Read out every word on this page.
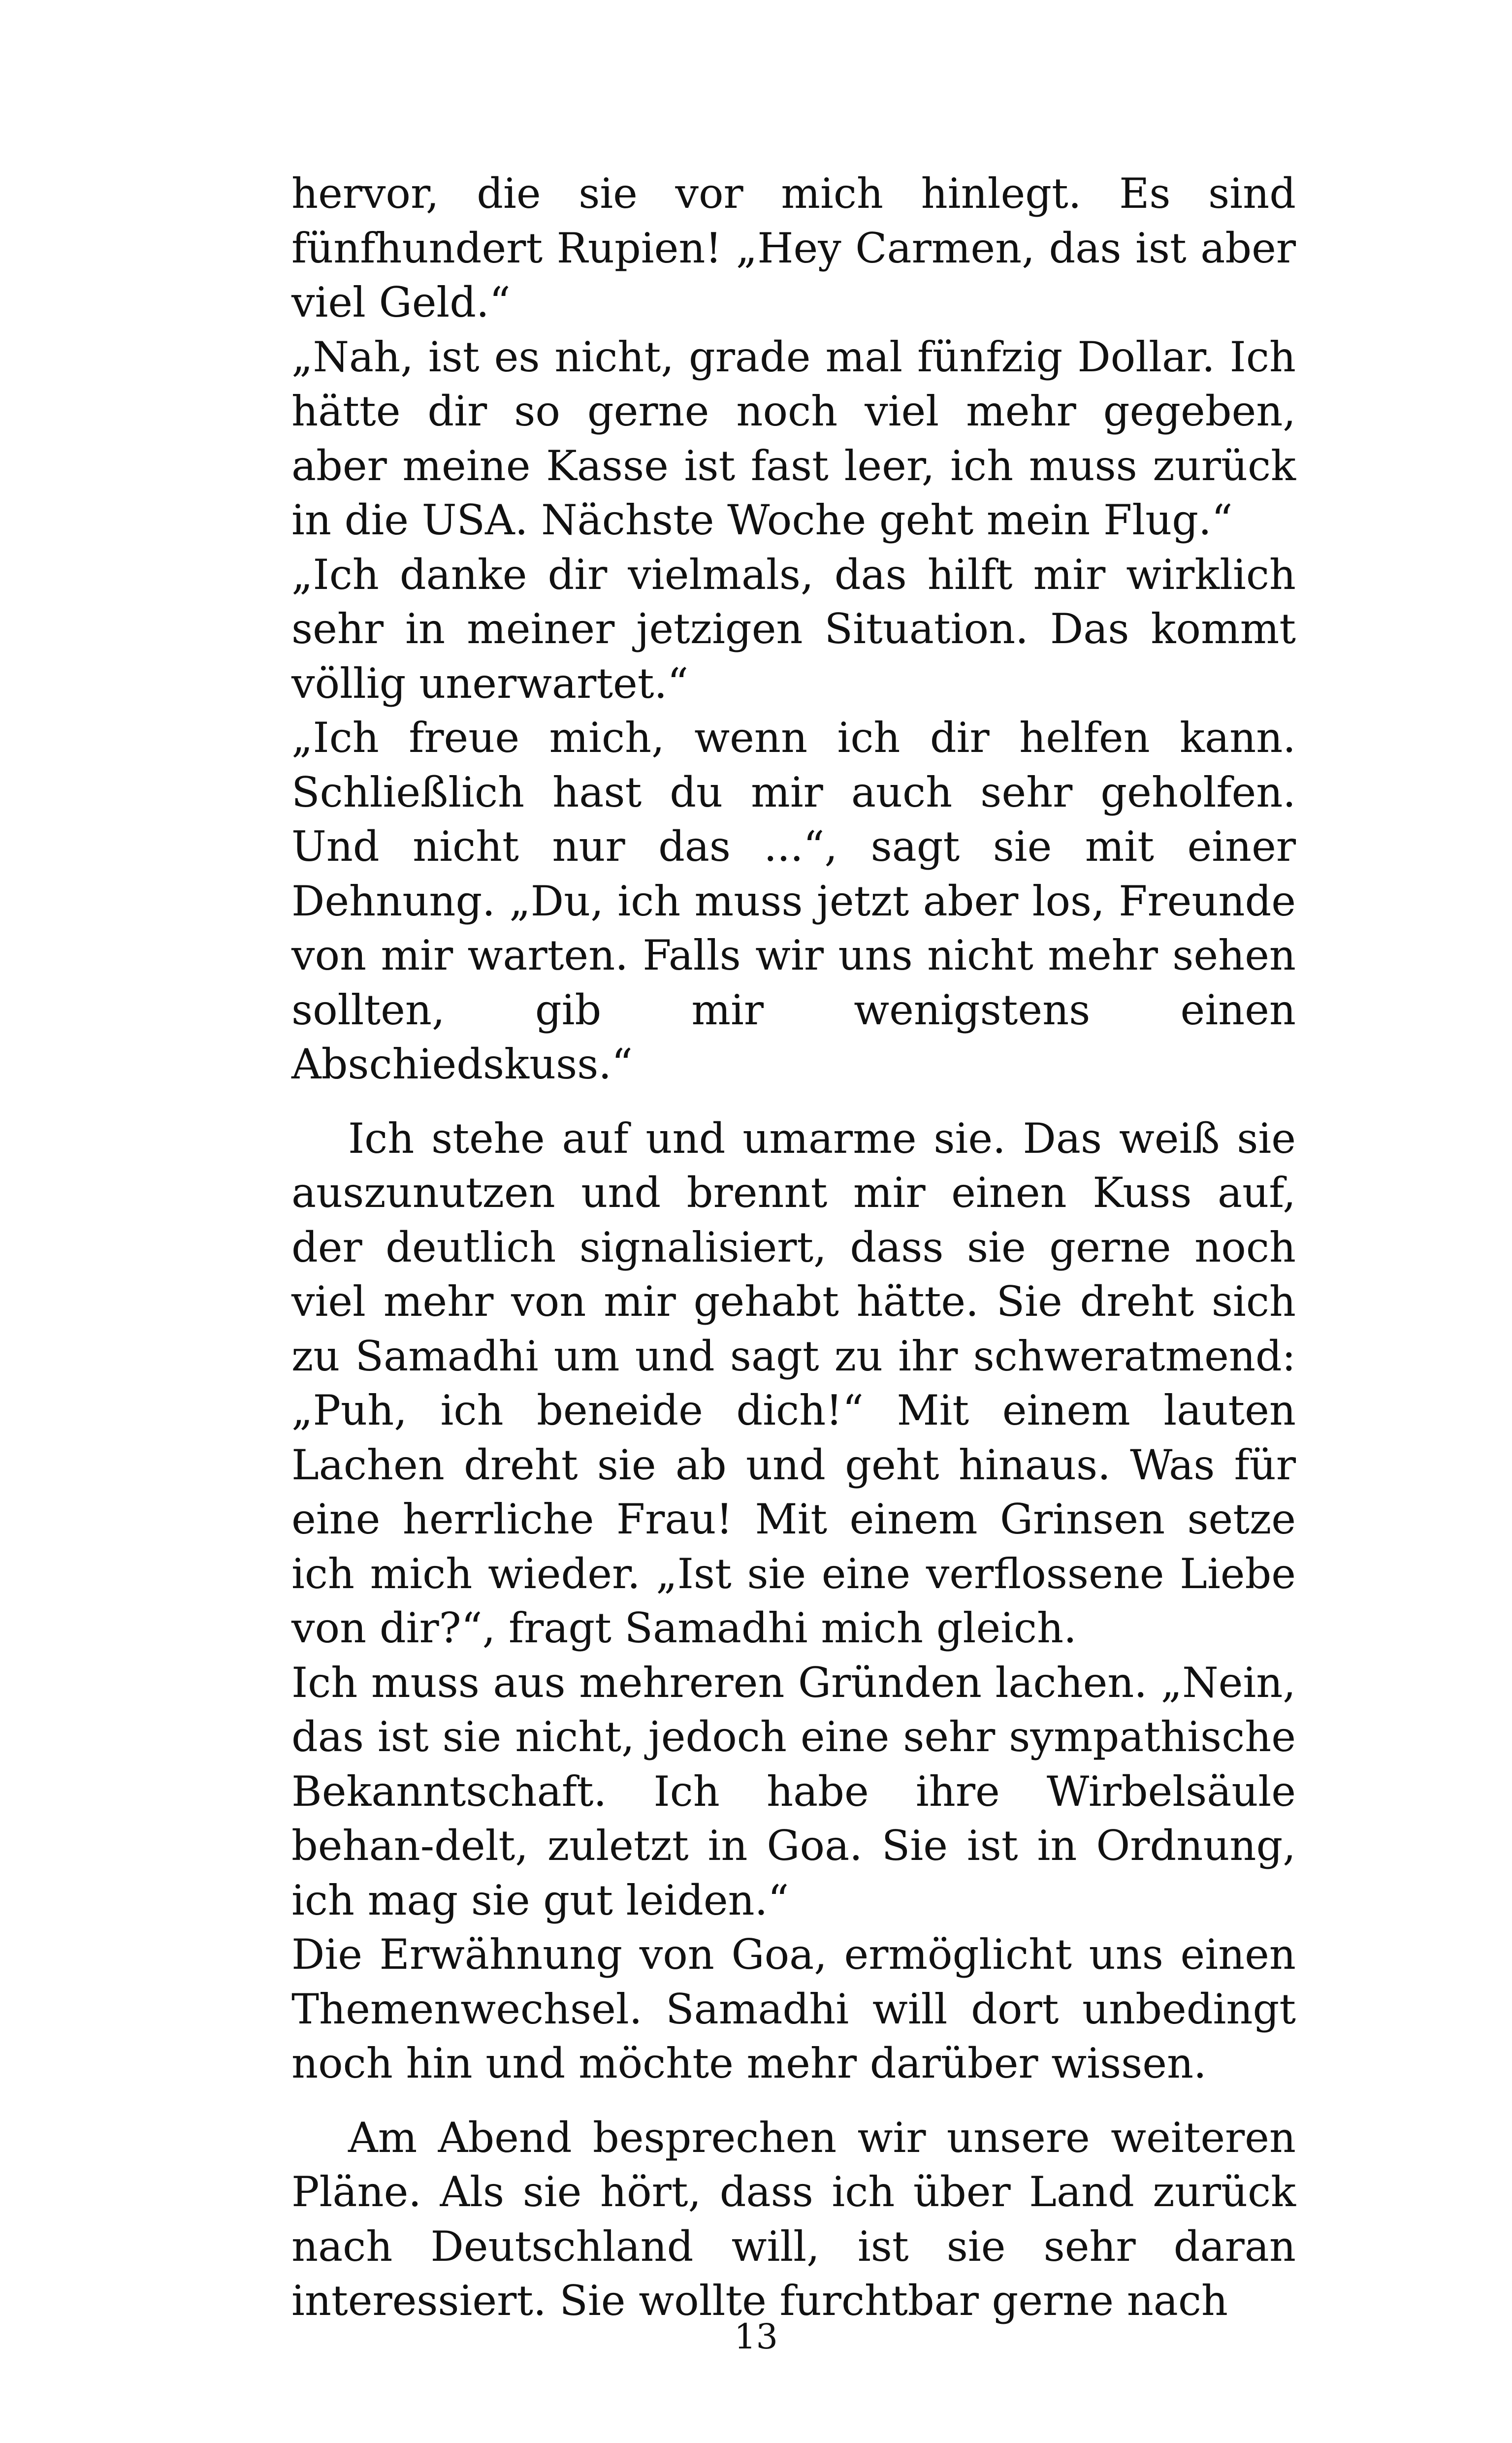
hervor, die sie vor mich hinlegt. Es sind fünfhundert Rupien! „Hey Carmen, das ist aber viel Geld.“

„Nah, ist es nicht, grade mal fünfzig Dollar. Ich hätte dir so gerne noch viel mehr gegeben, aber meine Kasse ist fast leer, ich muss zurück in die USA. Nächste Woche geht mein Flug.“

„Ich danke dir vielmals, das hilft mir wirklich sehr in meiner jetzigen Situation. Das kommt völlig unerwartet.“

„Ich freue mich, wenn ich dir helfen kann. Schließlich hast du mir auch sehr geholfen. Und nicht nur das ...“, sagt sie mit einer Dehnung. „Du, ich muss jetzt aber los, Freunde von mir warten. Falls wir uns nicht mehr sehen sollten, gib mir wenigstens einen Abschiedskuss.“

Ich stehe auf und umarme sie. Das weiß sie auszunutzen und brennt mir einen Kuss auf, der deutlich signalisiert, dass sie gerne noch viel mehr von mir gehabt hätte. Sie dreht sich zu Samadhi um und sagt zu ihr schweratmend: „Puh, ich beneide dich!“ Mit einem lauten Lachen dreht sie ab und geht hinaus. Was für eine herrliche Frau! Mit einem Grinsen setze ich mich wieder. „Ist sie eine verflossene Liebe von dir?“, fragt Samadhi mich gleich.

Ich muss aus mehreren Gründen lachen. „Nein, das ist sie nicht, jedoch eine sehr sympathische Bekanntschaft. Ich habe ihre Wirbelsäule behan-delt, zuletzt in Goa. Sie ist in Ordnung, ich mag sie gut leiden.“

Die Erwähnung von Goa, ermöglicht uns einen Themenwechsel. Samadhi will dort unbedingt noch hin und möchte mehr darüber wissen.

Am Abend besprechen wir unsere weiteren Pläne. Als sie hört, dass ich über Land zurück nach Deutschland will, ist sie sehr daran interessiert. Sie wollte furchtbar gerne nach

13
